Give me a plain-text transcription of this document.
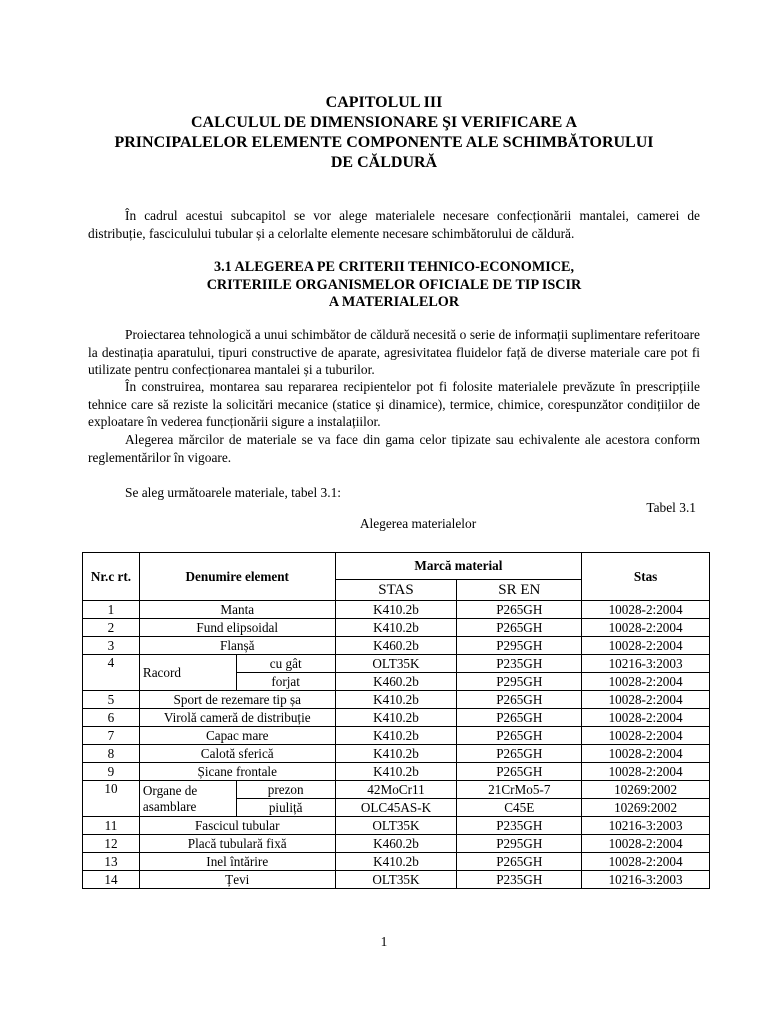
CAPITOLUL III
CALCULUL DE DIMENSIONARE ŞI VERIFICARE A
PRINCIPALELOR ELEMENTE COMPONENTE ALE SCHIMBĂTORULUI
DE CĂLDURĂ
În cadrul acestui subcapitol se vor alege materialele necesare confecționării mantalei, camerei de distribuție, fasciculului tubular și a celorlalte elemente necesare schimbătorului de căldură.
3.1 ALEGEREA PE CRITERII TEHNICO-ECONOMICE,
CRITERIILE ORGANISMELOR OFICIALE DE TIP ISCIR
A MATERIALELOR
Proiectarea tehnologică a unui schimbător de căldură necesită o serie de informații suplimentare referitoare la destinația aparatului, tipuri constructive de aparate, agresivitatea fluidelor față de diverse materiale care pot fi utilizate pentru confecționarea mantalei și a tuburilor.
În construirea, montarea sau repararea recipientelor pot fi folosite materialele prevăzute în prescripțiile tehnice care să reziste la solicitări mecanice (statice și dinamice), termice, chimice, corespunzător condițiilor de exploatare în vederea funcționării sigure a instalațiilor.
Alegerea mărcilor de materiale se va face din gama celor tipizate sau echivalente ale acestora conform reglementărilor în vigoare.
Se aleg următoarele materiale, tabel 3.1:
Tabel 3.1
Alegerea materialelor
Nr.c rt.	Denumire element		Marcă material		Stas
			STAS	SR EN	
1	Manta		K410.2b	P265GH	10028-2:2004
2	Fund elipsoidal		K410.2b	P265GH	10028-2:2004
3	Flanșă		K460.2b	P295GH	10028-2:2004
4	Racord	cu gât	OLT35K	P235GH	10216-3:2003
		forjat	K460.2b	P295GH	10028-2:2004
5	Sport de rezemare tip șa		K410.2b	P265GH	10028-2:2004
6	Virolă cameră de distribuție		K410.2b	P265GH	10028-2:2004
7	Capac mare		K410.2b	P265GH	10028-2:2004
8	Calotă sferică		K410.2b	P265GH	10028-2:2004
9	Șicane frontale		K410.2b	P265GH	10028-2:2004
10	Organe de asamblare	prezon	42MoCr11	21CrMo5-7	10269:2002
		piuliță	OLC45AS-K	C45E	10269:2002
11	Fascicul tubular		OLT35K	P235GH	10216-3:2003
12	Placă tubulară fixă		K460.2b	P295GH	10028-2:2004
13	Inel întărire		K410.2b	P265GH	10028-2:2004
14	Țevi		OLT35K	P235GH	10216-3:2003
1
